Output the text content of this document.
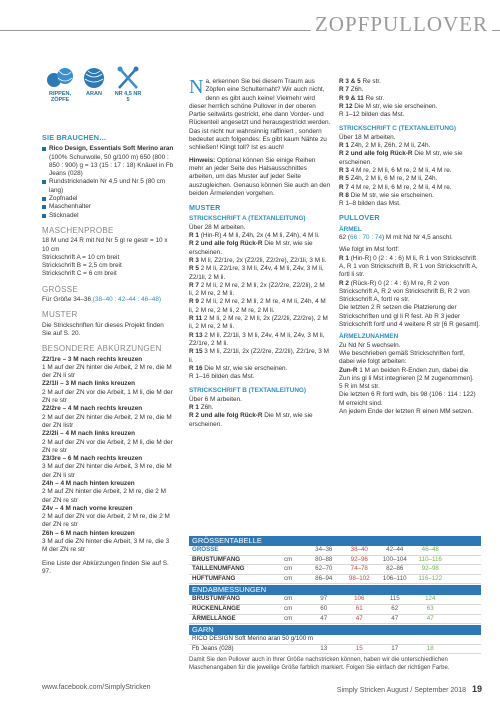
ZOPFPULLOVER
RIPPEN, ZÖPFE
ARAN	NR 4,5 NR 5
SIE BRAUCHEN…
Rico Design, Essentials Soft Merino aran
(100% Schurwolle, 50 g/100 m) 650 (800 : 850 : 900) g = 13 (15 : 17 : 18) Knäuel in Fb Jeans (028)
Rundstricknadeln Nr 4,5 und Nr 5 (80 cm lang)
Zopfnadel
Maschenhalter
Sticknadel
MASCHENPROBE
18 M und 24 R mit Nd Nr 5 gl re gestr = 10 x 10 cm
Strickschrift A = 10 cm breit
Strickschrift B = 2,5 cm breit
Strickschrift C = 6 cm breit
GRÖSSE
Für Größe 34–36 (38–40 : 42–44 : 46–48)
MUSTER
Die Strickschriften für dieses Projekt finden Sie auf S. 20.
BESONDERE ABKÜRZUNGEN
Z2/1re – 3 M nach rechts kreuzen
1 M auf der ZN hinter die Arbeit, 2 M re, die M der ZN li str
Z2/1li – 3 M nach links kreuzen
2 M auf der ZN vor die Arbeit, 1 M li, die M der ZN re str
Z2/2re – 4 M nach rechts kreuzen
2 M auf der ZN hinter die Arbeit, 2 M re, die M der ZN listr
Z2/2li – 4 M nach links kreuzen
2 M auf der ZN vor die Arbeit, 2 M li, die M der ZN re str
Z3/3re – 6 M nach rechts kreuzen
3 M auf der ZN hinter die Arbeit, 3 M re, die M der ZN li str
Z4h – 4 M nach hinten kreuzen
2 M auf ZN hinter die Arbeit, 2 M re, die 2 M der ZN re str
Z4v – 4 M nach vorne kreuzen
2 M auf der ZN vor die Arbeit, 2 M re, die 2 M der ZN re str
Z6h – 6 M nach hinten kreuzen
3 M auf die ZN hinter die Arbeit, 3 M re, die 3 M der ZN re str
Eine Liste der Abkürzungen finden Sie auf S. 97.

Na, erkennen Sie bei diesem Traum aus Zöpfen eine Schulternaht? Wir auch nicht, denn es gibt auch keine! Vielmehr wird dieser herrlich schöne Pullover in der oberen Partie seitwärts gestrickt, ehe dann Vorder- und Rückenteil angesetzt und herausgestrickt werden. Das ist nicht nur wahnsinnig raffiniert , sondern bedeutet auch folgendes: Es gibt kaum Nähte zu schließen! Klingt toll? Ist es auch!

Hinweis: Optional können Sie einige Reihen mehr an jeder Seite des Halsausschnittes arbeiten, um das Muster auf jeder Seite auszugleichen. Genauso können Sie auch an den beiden Ärmelenden vorgehen.

MUSTER
STRICKSCHRIFT A (TEXTANLEITUNG)
Über 28 M arbeiten.
R 1 (Hin-R) 4 M li, Z4h, 2x (4 M li, Z4h), 4 M li.
R 2 und alle folg Rück-R Die M str, wie sie erscheinen.
R 3 M li, Z2/1re, 2x (Z2/2li, Z2/2re), Z2/1li, 3 M li.
R 5 2 M li, Z2/1re, 3 M li, Z4v, 4 M li, Z4v, 3 M li, Z2/1li, 2 M li.
R 7 2 M li, 2 M re, 2 M li, 2x (Z2/2re, Z2/2li), 2 M li, 2 M re, 2 M li.
R 9 2 M li, 2 M re, 2 M li, 2 M re, 4 M li, Z4h, 4 M li, 2 M re, 2 M li, 2 M re, 2 M li.
R 11 2 M li, 2 M re, 2 M li, 2x (Z2/2li, Z2/2re), 2 M li, 2 M re, 2 M li.
R 13 2 M li, Z2/1li, 3 M li, Z4v, 4 M li, Z4v, 3 M li, Z2/1re, 2 M li.
R 15 3 M li, Z2/1li, 2x (Z2/2re, Z2/2li), Z2/1re, 3 M li.
R 16 Die M str, wie sie erscheinen.
R 1–16 bilden das Mst.
STRICKSCHRIFT B (TEXTANLEITUNG)
Über 6 M arbeiten.
R 1 Z6h.
R 2 und alle folg Rück-R Die M str, wie sie erscheinen.
R 3 & 5 Re str.
R 7 Z6h.
R 9 & 11 Re str.
R 12 Die M str, wie sie erscheinen.
R 1–12 bilden das Mst.
STRICKSCHRIFT C (TEXTANLEITUNG)
Über 18 M arbeiten.
R 1 Z4h, 2 M li, Z6h, 2 M li, Z4h.
R 2 und alle folg Rück-R Die M str, wie sie erscheinen.
R 3 4 M re, 2 M li, 6 M re, 2 M li, 4 M re.
R 5 Z4h, 2 M li, 6 M re, 2 M li, Z4h.
R 7 4 M re, 2 M li, 6 M re, 2 M li, 4 M re.
R 8 Die M str, wie sie erscheinen.
R 1–8 bilden das Mst.
PULLOVER
ÄRMEL

62 (66 : 70 : 74) M mit Nd Nr 4,5 anschl.

Wie folgt im Mst fortf:
R 1 (Hin-R) 0 (2 : 4 : 6) M li, R 1 von Strickschrift A, R 1 von Strickschrift B, R 1 von Strickschrift A, fortl li str.
R 2 (Rück-R) 0 (2 : 4 : 6) M re, R 2 von Strickschrift A, R 2 von Strickschrift B, R 2 von Strickschrift A, fortl re str.

Die letzten 2 R setzen die Platzierung der Strickschriften und gl li R fest. Ab R 3 jeder Strickschrift fortf und 4 weitere R str [6 R gesamt].

ÄRMELZUNAHMEN
Zu Nd Nr 5 wechseln.
Wie beschrieben gemäß Strickschriften fortf, dabei wie folgt arbeiten:
Zun-R 1 M an beiden R-Enden zun, dabei die Zun ins gl li Mst integrieren [2 M zugenommen].
5 R im Mst str.
Die letzten 6 R fortl wdh, bis 98 (106 : 114 : 122) M erreicht sind.
An jedem Ende der letzten R einen MM setzen.
GRÖSSENTABELLE
GRÖSSE	34–36	38–40	42–44	46–48
BRUSTUMFANG	cm	80–88	92–96	100–104	110–116
TAILLENUMFANG	cm	62–70	74–78	82–86	92–98
HÜFTUMFANG	cm	86–94	98–102	106–110	116–122
ENDABMESSUNGEN
BRUSTUMFANG	cm	97	106	115	124
RÜCKENLÄNGE	cm	60	61	62	63
ÄRMELLÄNGE	cm	47	47	47	47
GARN
RICO DESIGN Soft Merino aran 50 g/100 m
Fb Jeans (028)	13	15	17	18
Damit Sie den Pullover auch in Ihrer Größe nachstricken können, haben wir die unterschiedlichen Maschenangaben für die jeweilige Größe farblich markiert. Folgen Sie einfach der richtigen Farbe.
www.facebook.com/SimplyStricken	Simply Stricken August / September 2018 19
